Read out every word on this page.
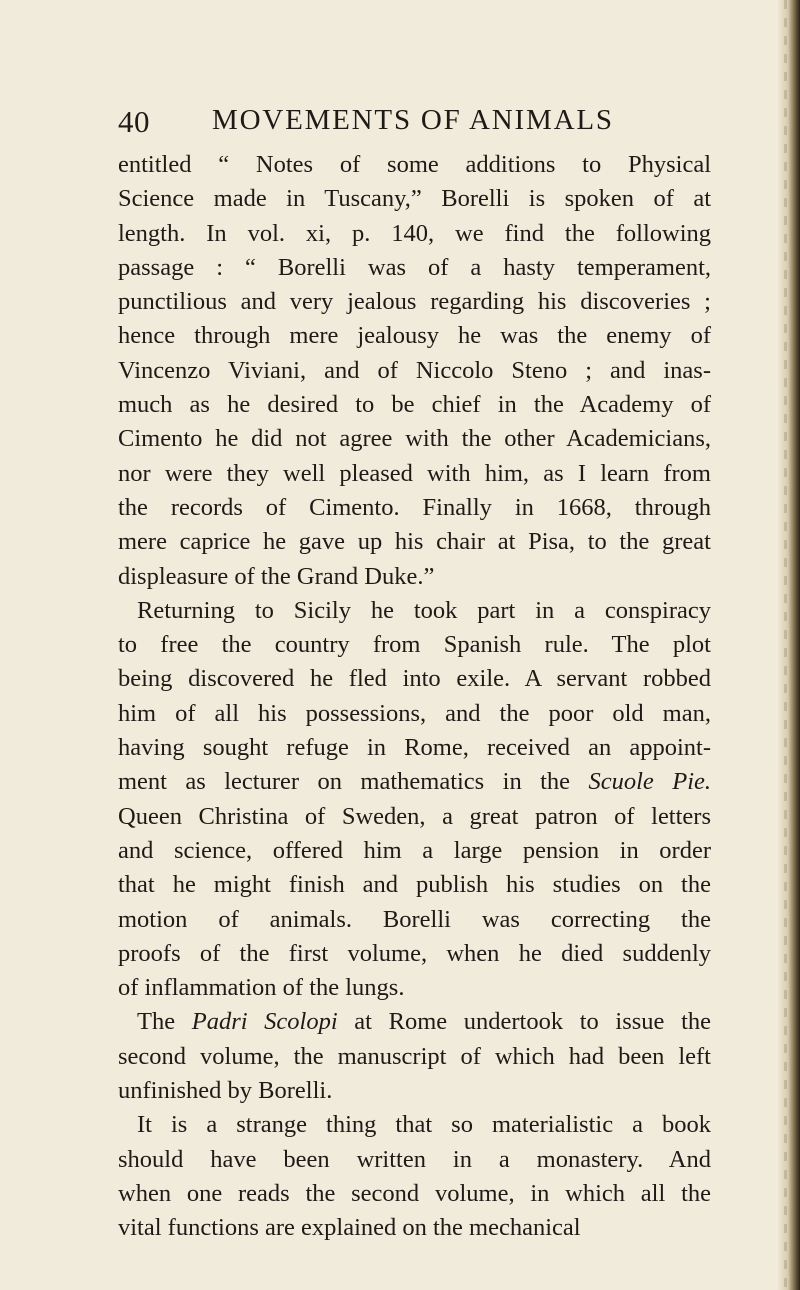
40 MOVEMENTS OF ANIMALS
entitled “ Notes of some additions to Physical
Science made in Tuscany,” Borelli is spoken of at
length. In vol. xi, p. 140, we find the following
passage : “ Borelli was of a hasty temperament,
punctilious and very jealous regarding his discoveries ;
hence through mere jealousy he was the enemy of
Vincenzo Viviani, and of Niccolo Steno ; and inas-
much as he desired to be chief in the Academy of
Cimento he did not agree with the other Academicians,
nor were they well pleased with him, as I learn from
the records of Cimento. Finally in 1668, through
mere caprice he gave up his chair at Pisa, to the great
displeasure of the Grand Duke.”
Returning to Sicily he took part in a conspiracy
to free the country from Spanish rule. The plot
being discovered he fled into exile. A servant robbed
him of all his possessions, and the poor old man,
having sought refuge in Rome, received an appoint-
ment as lecturer on mathematics in the Scuole Pie.
Queen Christina of Sweden, a great patron of letters
and science, offered him a large pension in order
that he might finish and publish his studies on the
motion of animals. Borelli was correcting the
proofs of the first volume, when he died suddenly
of inflammation of the lungs.
The Padri Scolopi at Rome undertook to issue the
second volume, the manuscript of which had been left
unfinished by Borelli.
It is a strange thing that so materialistic a book
should have been written in a monastery. And
when one reads the second volume, in which all the
vital functions are explained on the mechanical
